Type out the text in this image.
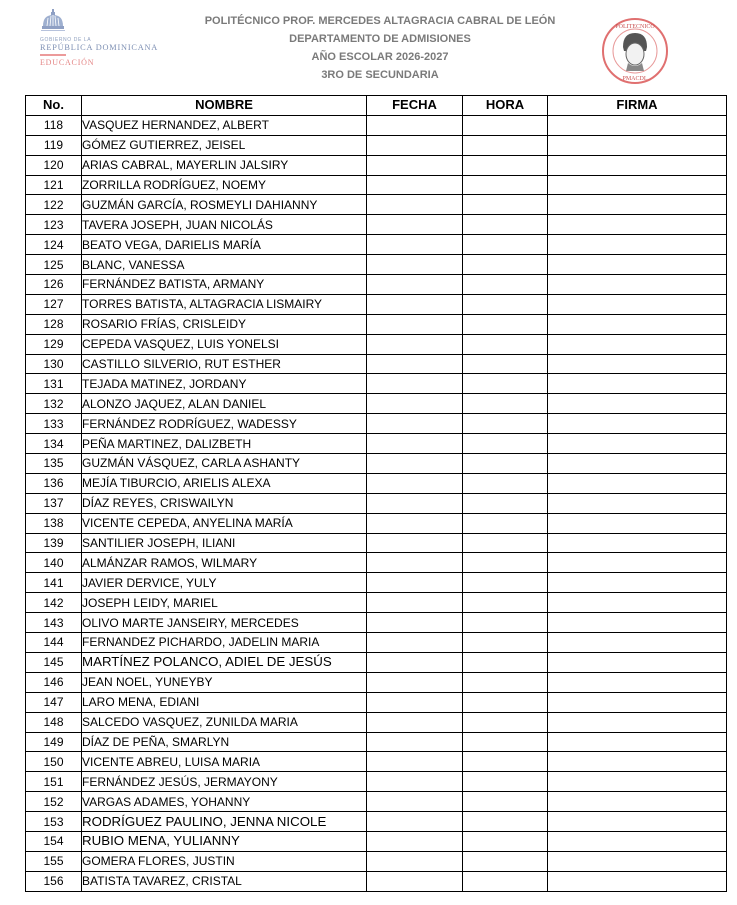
GOBIERNO DE LA
REPÚBLICA DOMINICANA
EDUCACIÓN
POLITÉCNICO PROF. MERCEDES ALTAGRACIA CABRAL DE LEÓN
DEPARTAMENTO DE ADMISIONES
AÑO ESCOLAR 2026-2027
3RO DE SECUNDARIA
POLITECNICO
PMACDL
No.	NOMBRE	FECHA	HORA	FIRMA
118	VASQUEZ HERNANDEZ, ALBERT			
119	GÓMEZ GUTIERREZ, JEISEL			
120	ARIAS CABRAL, MAYERLIN JALSIRY			
121	ZORRILLA RODRÍGUEZ, NOEMY			
122	GUZMÁN GARCÍA, ROSMEYLI DAHIANNY			
123	TAVERA JOSEPH, JUAN NICOLÁS			
124	BEATO VEGA, DARIELIS MARÍA			
125	BLANC, VANESSA			
126	FERNÁNDEZ BATISTA, ARMANY			
127	TORRES BATISTA, ALTAGRACIA LISMAIRY			
128	ROSARIO FRÍAS, CRISLEIDY			
129	CEPEDA VASQUEZ, LUIS YONELSI			
130	CASTILLO SILVERIO, RUT ESTHER			
131	TEJADA MATINEZ, JORDANY			
132	ALONZO JAQUEZ, ALAN DANIEL			
133	FERNÁNDEZ RODRÍGUEZ, WADESSY			
134	PEÑA MARTINEZ, DALIZBETH			
135	GUZMÁN VÁSQUEZ, CARLA ASHANTY			
136	MEJÍA TIBURCIO, ARIELIS ALEXA			
137	DÍAZ REYES, CRISWAILYN			
138	VICENTE CEPEDA, ANYELINA MARÍA			
139	SANTILIER JOSEPH, ILIANI			
140	ALMÁNZAR RAMOS, WILMARY			
141	JAVIER DERVICE, YULY			
142	JOSEPH LEIDY, MARIEL			
143	OLIVO MARTE JANSEIRY, MERCEDES			
144	FERNANDEZ PICHARDO, JADELIN MARIA			
145	MARTÍNEZ POLANCO, ADIEL DE JESÚS			
146	JEAN NOEL, YUNEYBY			
147	LARO MENA, EDIANI			
148	SALCEDO VASQUEZ, ZUNILDA MARIA			
149	DÍAZ DE PEÑA, SMARLYN			
150	VICENTE ABREU, LUISA MARIA			
151	FERNÁNDEZ JESÚS, JERMAYONY			
152	VARGAS ADAMES, YOHANNY			
153	RODRÍGUEZ PAULINO, JENNA NICOLE			
154	RUBIO MENA, YULIANNY			
155	GOMERA FLORES, JUSTIN			
156	BATISTA TAVAREZ, CRISTAL			
